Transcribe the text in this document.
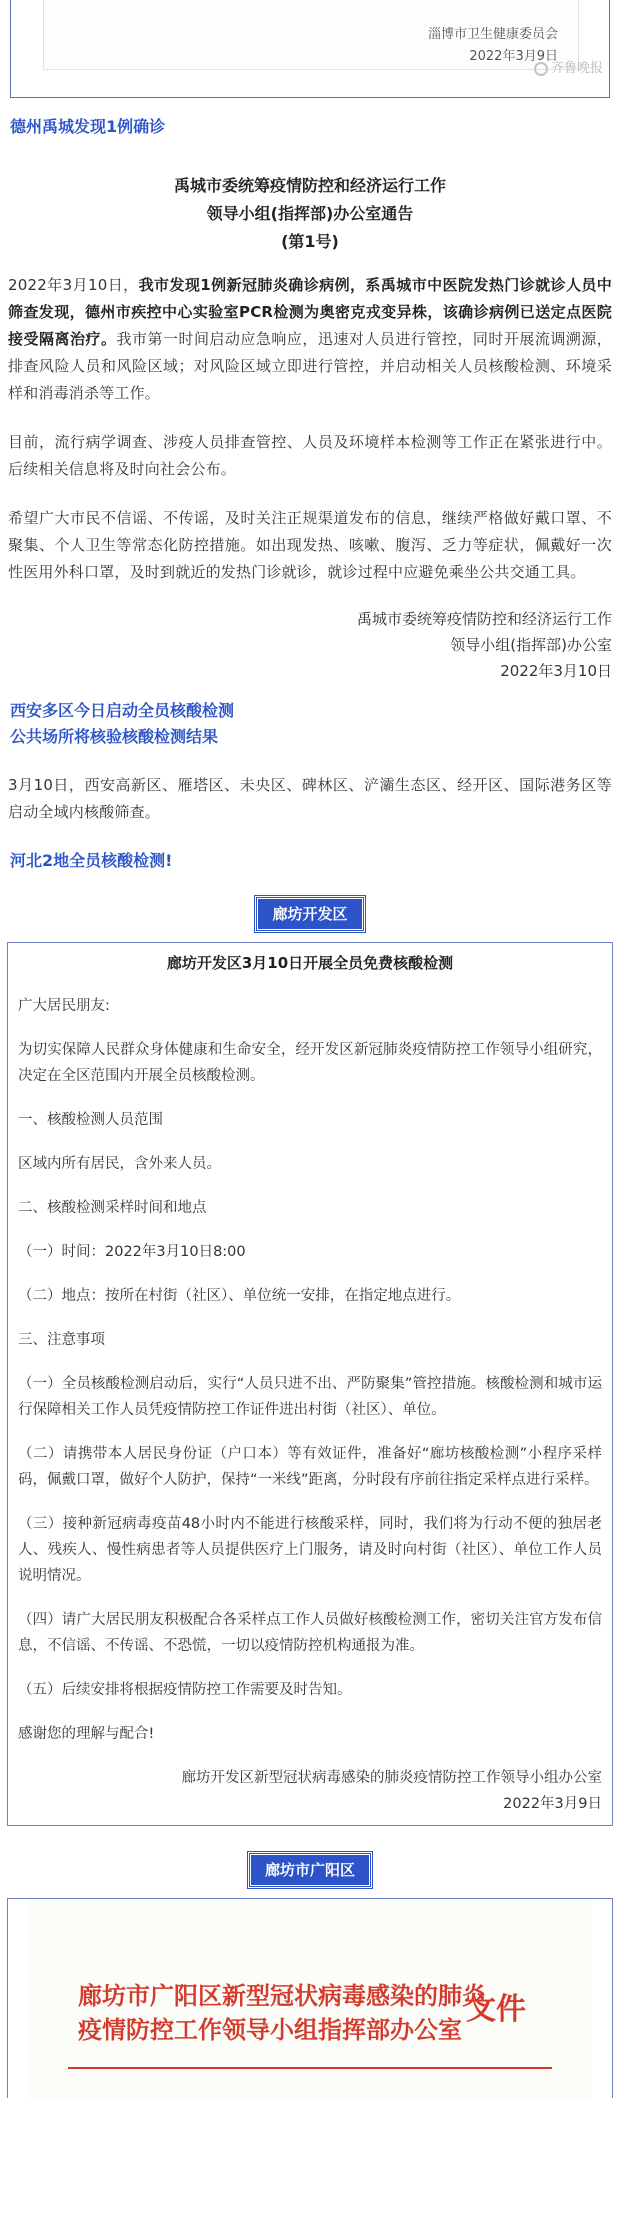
淄博市卫生健康委员会
2022年3月9日
齐鲁晚报
德州禹城发现1例确诊
禹城市委统筹疫情防控和经济运行工作
领导小组(指挥部)办公室通告
(第1号)

2022年3月10日，我市发现1例新冠肺炎确诊病例，系禹城市中医院发热门诊就诊人员中筛查发现，德州市疾控中心实验室PCR检测为奥密克戎变异株，该确诊病例已送定点医院接受隔离治疗。我市第一时间启动应急响应，迅速对人员进行管控，同时开展流调溯源，排查风险人员和风险区域；对风险区域立即进行管控，并启动相关人员核酸检测、环境采样和消毒消杀等工作。

目前，流行病学调查、涉疫人员排查管控、人员及环境样本检测等工作正在紧张进行中。后续相关信息将及时向社会公布。

希望广大市民不信谣、不传谣，及时关注正规渠道发布的信息，继续严格做好戴口罩、不聚集、个人卫生等常态化防控措施。如出现发热、咳嗽、腹泻、乏力等症状，佩戴好一次性医用外科口罩，及时到就近的发热门诊就诊，就诊过程中应避免乘坐公共交通工具。

禹城市委统筹疫情防控和经济运行工作
领导小组(指挥部)办公室
2022年3月10日
西安多区今日启动全员核酸检测
公共场所将核验核酸检测结果

3月10日，西安高新区、雁塔区、未央区、碑林区、浐灞生态区、经开区、国际港务区等启动全域内核酸筛查。

河北2地全员核酸检测!
廊坊开发区
廊坊开发区3月10日开展全员免费核酸检测

广大居民朋友:

为切实保障人民群众身体健康和生命安全，经开发区新冠肺炎疫情防控工作领导小组研究，决定在全区范围内开展全员核酸检测。

一、核酸检测人员范围

区域内所有居民，含外来人员。

二、核酸检测采样时间和地点

（一）时间：2022年3月10日8:00

（二）地点：按所在村街（社区）、单位统一安排，在指定地点进行。

三、注意事项

（一）全员核酸检测启动后，实行“人员只进不出、严防聚集”管控措施。核酸检测和城市运行保障相关工作人员凭疫情防控工作证件进出村街（社区）、单位。

（二）请携带本人居民身份证（户口本）等有效证件，准备好“廊坊核酸检测”小程序采样码，佩戴口罩，做好个人防护，保持“一米线”距离，分时段有序前往指定采样点进行采样。

（三）接种新冠病毒疫苗48小时内不能进行核酸采样，同时，我们将为行动不便的独居老人、残疾人、慢性病患者等人员提供医疗上门服务，请及时向村街（社区）、单位工作人员说明情况。

（四）请广大居民朋友积极配合各采样点工作人员做好核酸检测工作，密切关注官方发布信息，不信谣、不传谣、不恐慌，一切以疫情防控机构通报为准。

（五）后续安排将根据疫情防控工作需要及时告知。

感谢您的理解与配合!

廊坊开发区新型冠状病毒感染的肺炎疫情防控工作领导小组办公室
2022年3月9日
廊坊市广阳区
廊坊市广阳区新型冠状病毒感染的肺炎
疫情防控工作领导小组指挥部办公室
文件
